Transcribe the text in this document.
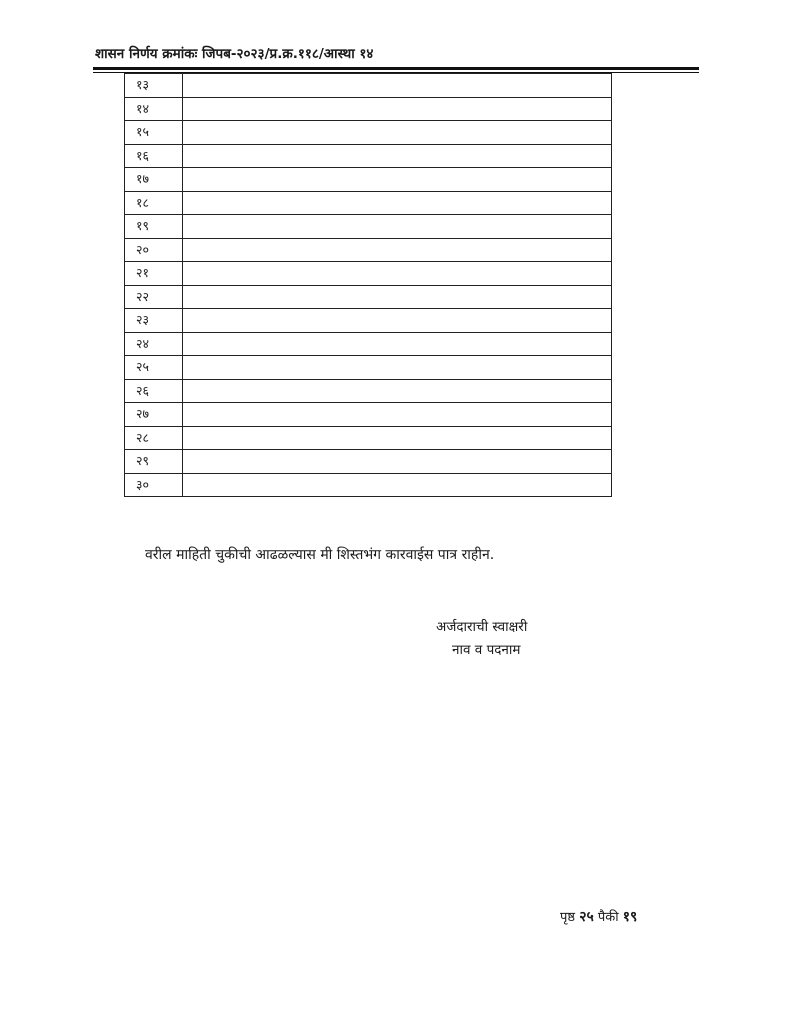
शासन निर्णय क्रमांकः जिपब-२०२३/प्र.क्र.११८/आस्था १४
१३	
१४	
१५	
१६	
१७	
१८	
१९	
२०	
२१	
२२	
२३	
२४	
२५	
२६	
२७	
२८	
२९	
३०	
वरील माहिती चुकीची आढळल्यास मी शिस्तभंग कारवाईस पात्र राहीन.
अर्जदाराची स्वाक्षरी
नाव व पदनाम
पृष्ठ २५ पैकी १९
